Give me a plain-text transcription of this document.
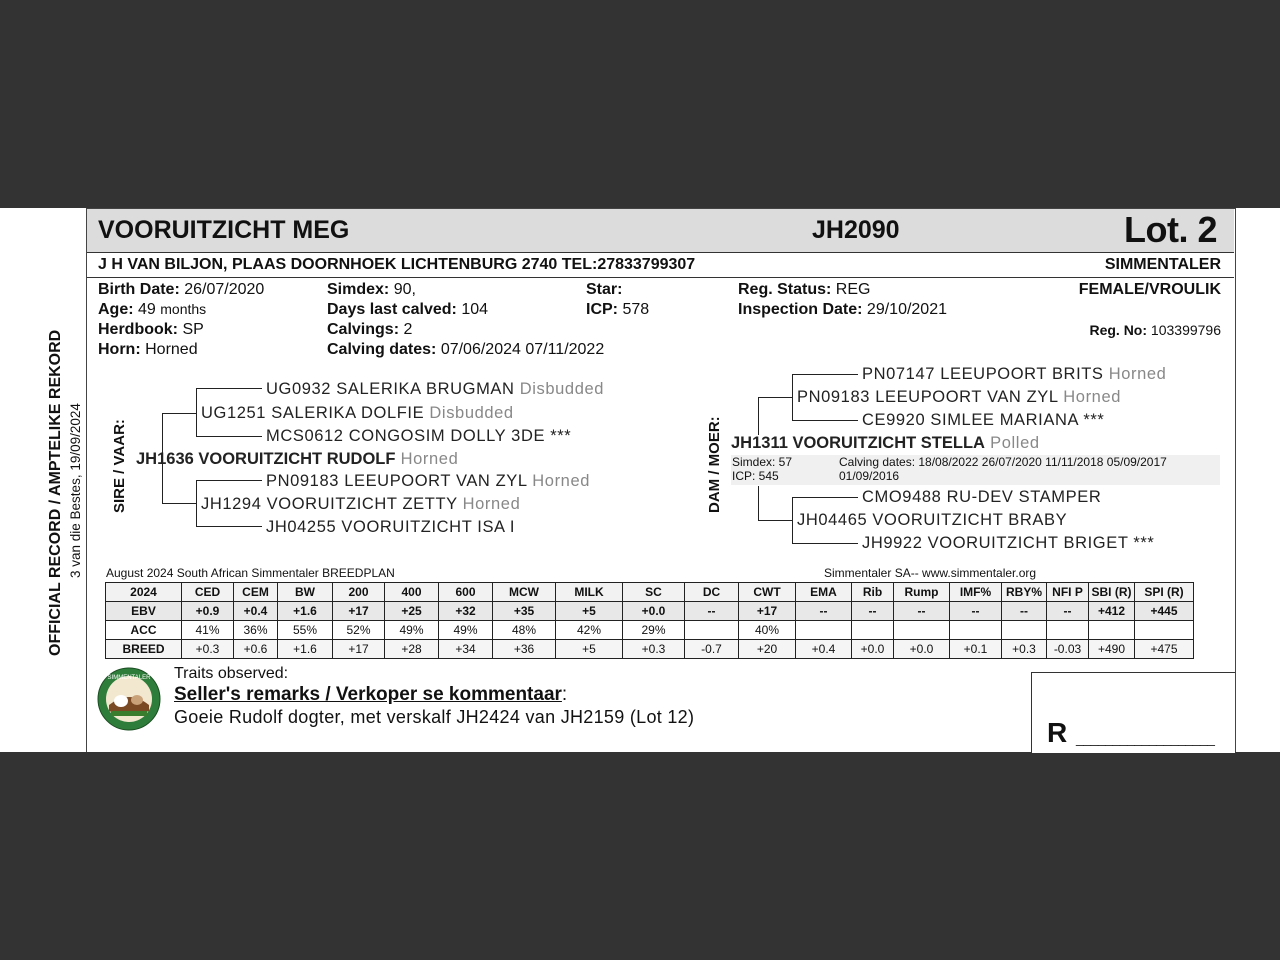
VOORUITZICHT MEG	JH2090	Lot. 2
J H VAN BILJON, PLAAS DOORNHOEK LICHTENBURG 2740 TEL:27833799307	SIMMENTALER
Birth Date: 26/07/2020
Age: 49 months
Herdbook: SP
Horn: Horned
Simdex: 90,
Days last calved: 104
Calvings: 2
Calving dates: 07/06/2024 07/11/2022
Star:
ICP: 578
Reg. Status: REG
Inspection Date: 29/10/2021
FEMALE/VROULIK
Reg. No: 103399796
OFFICIAL RECORD / AMPTELIKE REKORD 3 van die Bestes, 19/09/2024 SIRE / VAAR:	DAM / MOER:
UG0932 SALERIKA BRUGMAN Disbudded
UG1251 SALERIKA DOLFIE Disbudded
MCS0612 CONGOSIM DOLLY 3DE ***
JH1636 VOORUITZICHT RUDOLF Horned
PN09183 LEEUPOORT VAN ZYL Horned
JH1294 VOORUITZICHT ZETTY Horned
JH04255 VOORUITZICHT ISA I
PN07147 LEEUPOORT BRITS Horned
PN09183 LEEUPOORT VAN ZYL Horned
CE9920 SIMLEE MARIANA ***
JH1311 VOORUITZICHT STELLA Polled
Simdex: 57
ICP: 545
Calving dates: 18/08/2022 26/07/2020 11/11/2018 05/09/2017
01/09/2016
CMO9488 RU-DEV STAMPER
JH04465 VOORUITZICHT BRABY
JH9922 VOORUITZICHT BRIGET ***
August 2024 South African Simmentaler BREEDPLAN	Simmentaler SA-- www.simmentaler.org
2024	CED	CEM	BW	200	400	600	MCW	MILK	SC	DC	CWT	EMA	Rib	Rump	IMF%	RBY%	NFI P	SBI (R)	SPI (R)
EBV	+0.9	+0.4	+1.6	+17	+25	+32	+35	+5	+0.0	--	+17	--	--	--	--	--	--	+412	+445
ACC	41%	36%	55%	52%	49%	49%	48%	42%	29%		40%								
BREED	+0.3	+0.6	+1.6	+17	+28	+34	+36	+5	+0.3	-0.7	+20	+0.4	+0.0	+0.0	+0.1	+0.3	-0.03	+490	+475
SIMMENTALER Traits observed:
Seller's remarks / Verkoper se kommentaar:
Goeie Rudolf dogter, met verskalf JH2424 van JH2159 (Lot 12)	R ___________________
